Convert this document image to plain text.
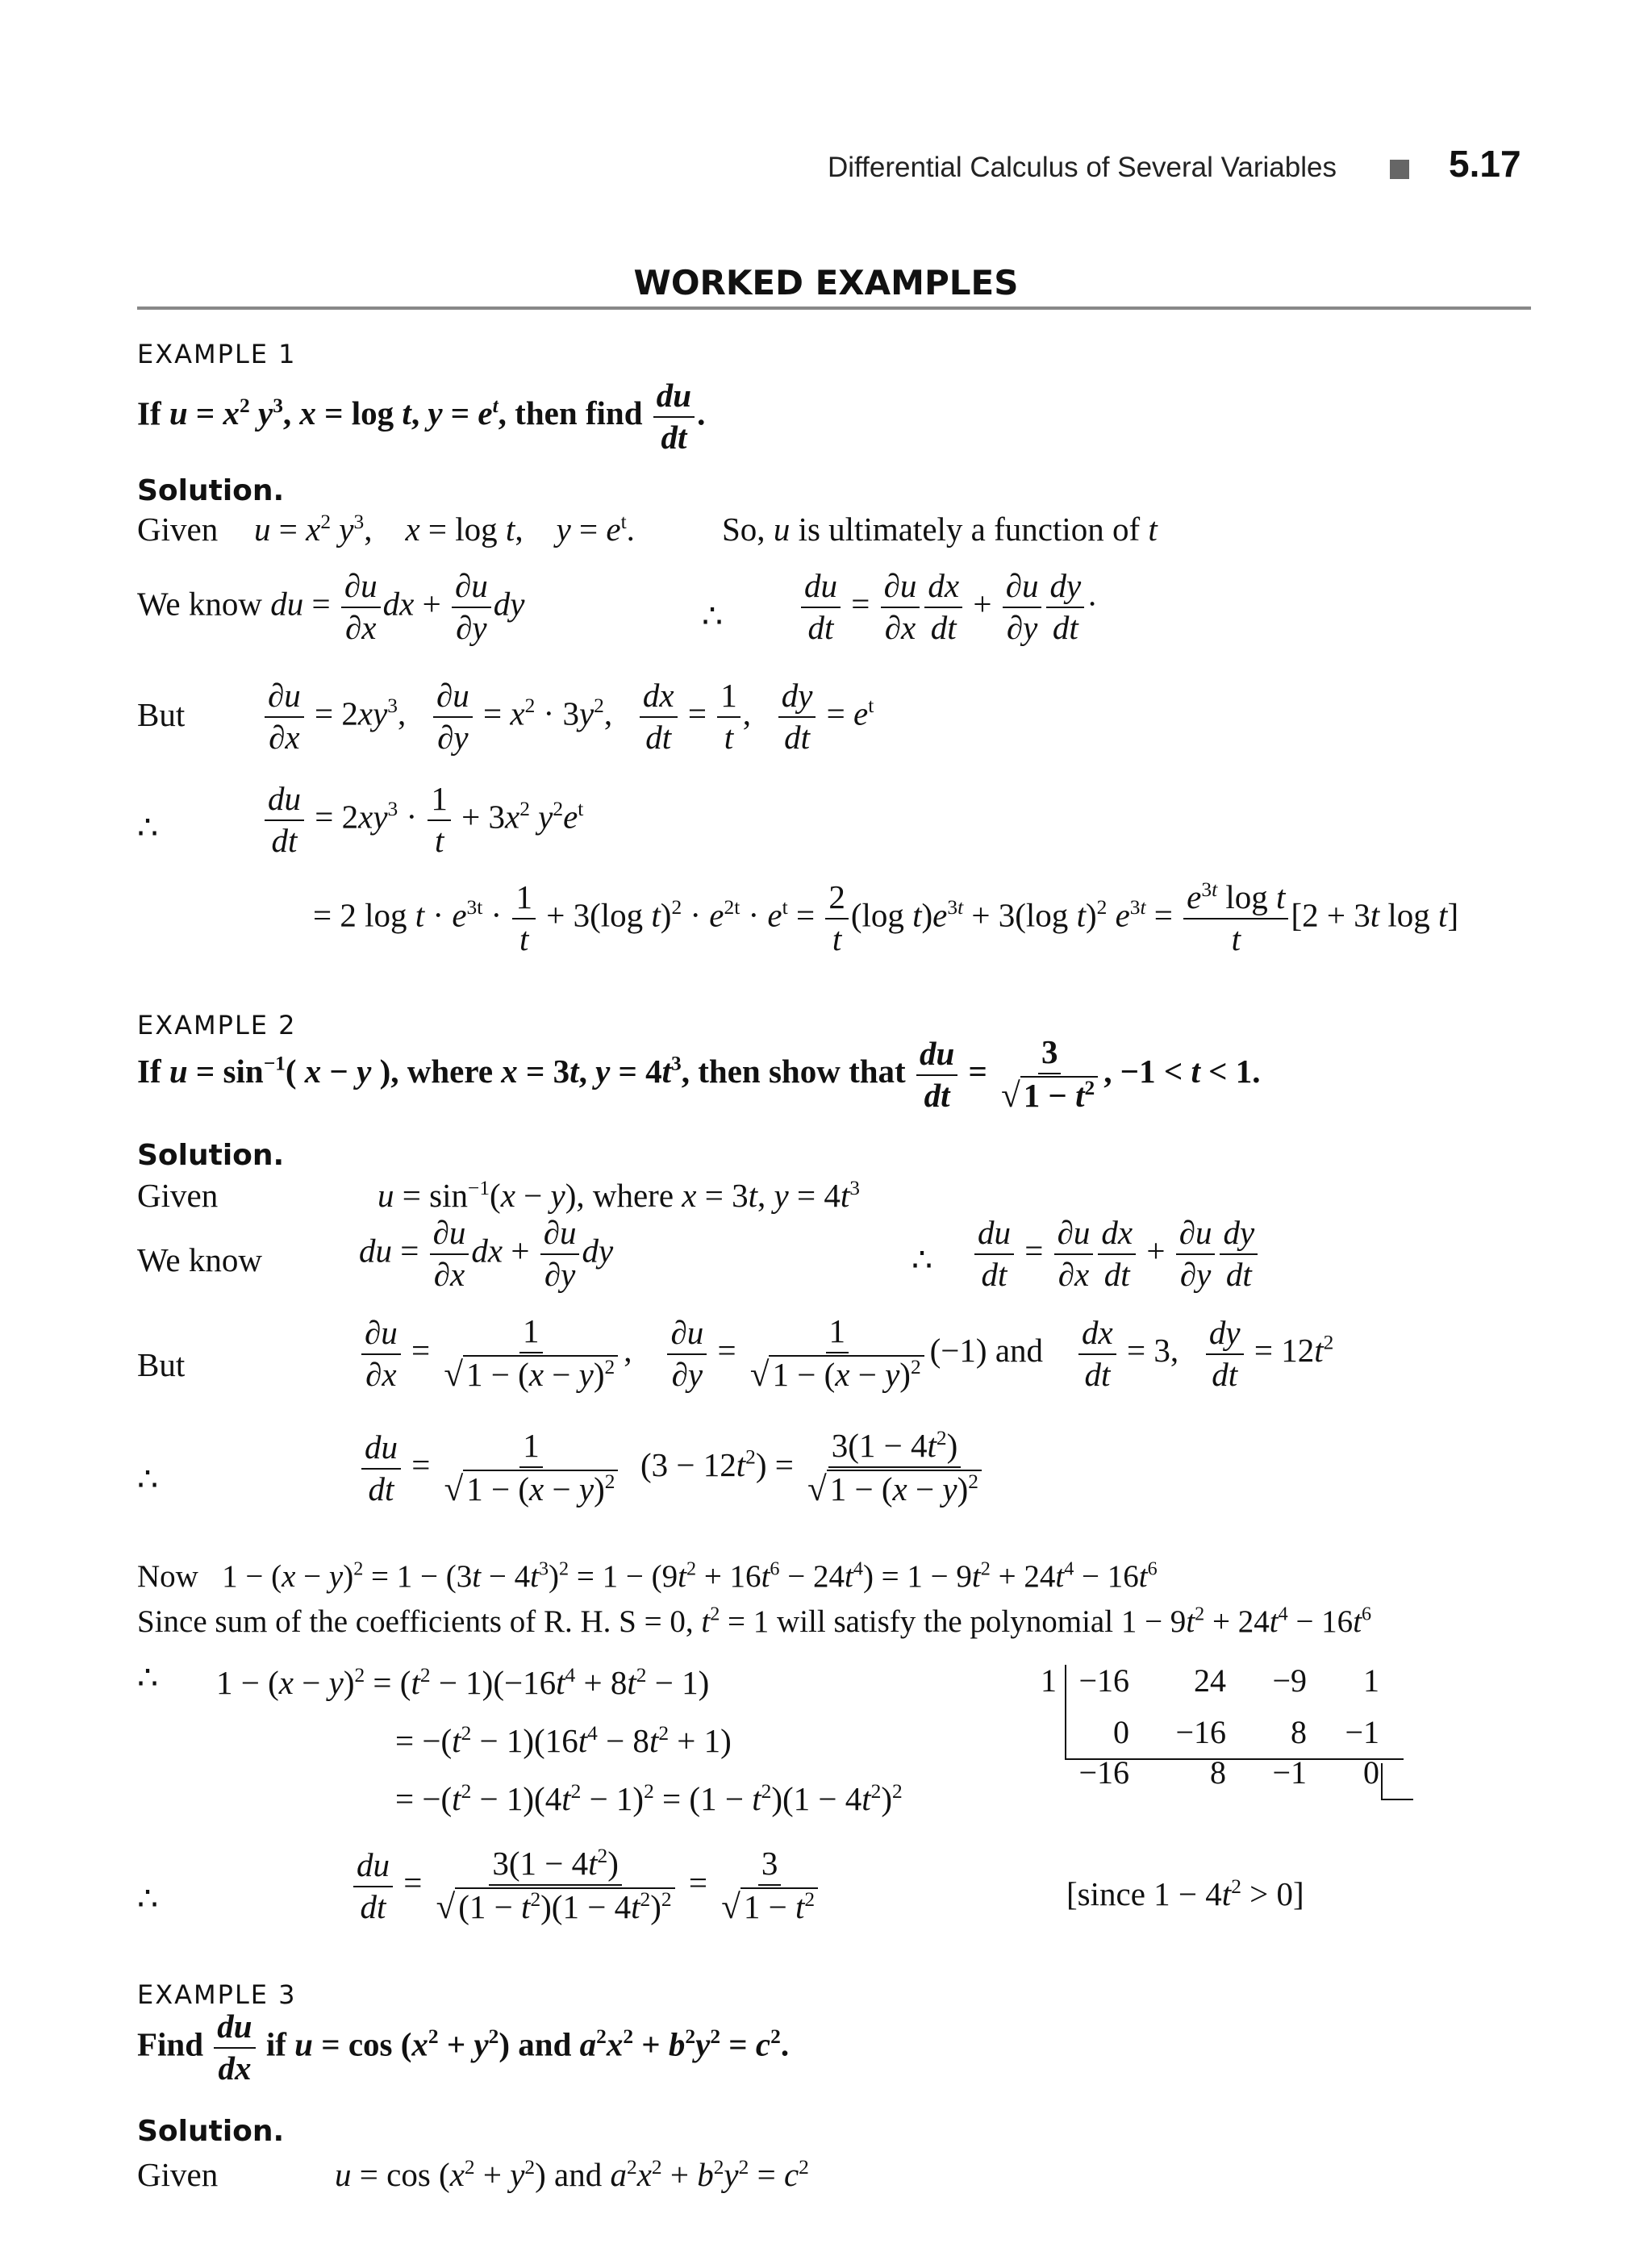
Differential Calculus of Several Variables	5.17
WORKED EXAMPLES
EXAMPLE 1
If $u = x^2$ $y^3$, x = log t, $y = e^t$, then find $\frac{du}{dt}$ .
Solution.
Given $u = x^2$ $y^3$,    x = log t,    $y = e^t$.	So, u is ultimately a function of t
We know du = $\frac{\partial u}{\partial x}$ dx + $\frac{\partial u}{\partial y}$ dy	∴ $\frac{du}{dt} = \frac{\partial u}{\partial x} \frac{dx}{dt} + \frac{\partial u}{\partial y} \frac{dy}{dt}$ ·
But $\frac{\partial u}{\partial x} = 2xy^3$, $\frac{\partial u}{\partial y} = x^2 \cdot 3y^2$, $\frac{dx}{dt} = \frac{1}{t}$ , $\frac{dy}{dt} = e^t$
∴	$\frac{du}{dt} = 2xy^3 \cdot \frac{1}{t} + 3x^2$ $y^2e^t$
= 2 $\log t \cdot e^{3t} \cdot \frac{1}{t} + 3(\log$ $t)^2 \cdot e^{2t} \cdot e^t = \frac{2}{t} (\log$ $t)e^{3t} + 3(\log$ t)$^2$ $e^{3t} = \frac{e^{3t} \log t}{t} [2 + 3t$ log t]
EXAMPLE 2
If $u = \sin^{-1}$( x − y ), where x = 3t, $y = 4t^3$, then show that $\frac{du}{dt} = \frac{3}{√1 - t^2}$ , −1 < t < 1.
Solution.
Given	$u = \sin^{-1}(x - y)$, where x = 3t, $y = 4t^3$
We know	du = $\frac{\partial u}{\partial x}$ dx + $\frac{\partial u}{\partial y}$ dy	∴ $\frac{du}{dt} = \frac{\partial u}{\partial x} \frac{dx}{dt} + \frac{\partial u}{\partial y} \frac{dy}{dt}$
But	$\frac{\partial u}{\partial x} = \frac{1}{√1 - (x - y)^2}$ , $\frac{\partial u}{\partial y} = \frac{1}{√1 - (x - y)^2} (-1)$ and $\frac{dx}{dt} = 3$, $\frac{dy}{dt} = 12t^2$
∴	$\frac{du}{dt} = \frac{1}{√1 - (x - y)^2} (3 - 12t^2) = \frac{3(1 - 4t^2)}{√1 - (x - y)^2}$
Now   $1 - (x - y)^2 = 1 - (3t - 4t^3)^2 = 1 - (9t^2 + 16t^6 - 24t^4) = 1 - 9t^2 + 24t^4 - 16t^6$
Since sum of the coefficients of R. H. S = 0, $t^2 = 1$ will satisfy the polynomial $1 - 9t^2 + 24t^4 - 16t^6$
∴ $1 - (x - y)^2 = (t^2 - 1)(-16t^4 + 8t^2 - 1)$
= $-(t^2 - 1)(16t^4 - 8t^2 + 1)$
= $-(t^2 - 1)(4t^2 - 1)^2 = (1 - t^2)(1 - 4t^2)^2$
1 −16	24	−9	1
0	−16	8	−1
−16	8	−1	0
∴	$\frac{du}{dt} = \frac{3(1 - 4t^2)}{√(1 - t^2)(1 - 4t^2)^2} = \frac{3}{√1 - t^2}$	[since $1 - 4t^2 > 0$]
EXAMPLE 3
Find $\frac{du}{dx}$ if $u = \cos (x^2 + y^2)$ and $a^2x^2 + b^2y^2 = c^2$.
Solution.
Given	$u = \cos (x^2 + y^2)$ and $a^2x^2 + b^2y^2 = c^2$
